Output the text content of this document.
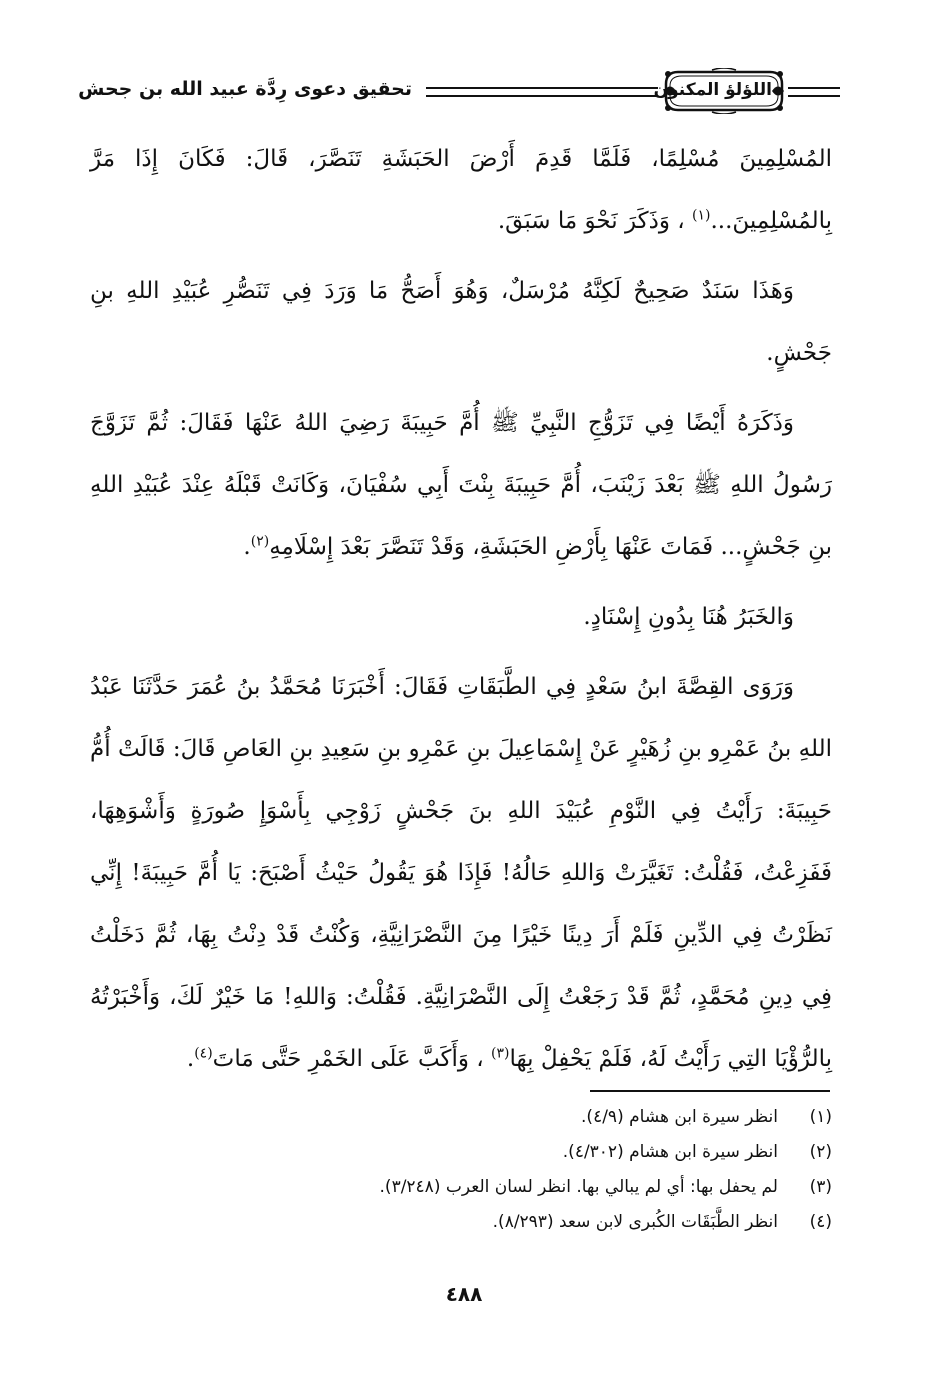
تحقيق دعوى رِدَّة عبيد الله بن جحش	اللؤلؤ المكنون

المُسْلِمِينَ مُسْلِمًا، فَلَمَّا قَدِمَ أَرْضَ الحَبَشَةِ تَنَصَّرَ، قَالَ: فَكَانَ إِذَا مَرَّ بِالمُسْلِمِينَ...$^{(١)}$ ، وَذَكَرَ نَحْوَ مَا سَبَقَ.

وَهَذَا سَنَدٌ صَحِيحٌ لَكِنَّهُ مُرْسَلٌ، وَهُوَ أَصَحُّ مَا وَرَدَ فِي تَنَصُّرِ عُبَيْدِ اللهِ بنِ جَحْشٍ.

وَذَكَرَهُ أَيْضًا فِي تَزَوُّجِ النَّبِيِّ ﷺ أُمَّ حَبِيبَةَ رَضِيَ اللهُ عَنْهَا فَقَالَ: ثُمَّ تَزَوَّجَ رَسُولُ اللهِ ﷺ بَعْدَ زَيْنَبَ، أُمَّ حَبِيبَةَ بِنْتَ أَبِي سُفْيَانَ، وَكَانَتْ قَبْلَهُ عِنْدَ عُبَيْدِ اللهِ بنِ جَحْشٍ... فَمَاتَ عَنْهَا بِأَرْضِ الحَبَشَةِ، وَقَدْ تَنَصَّرَ بَعْدَ إِسْلَامِهِ$^{(٢)}$.

وَالخَبَرُ هُنَا بِدُونِ إِسْنَادٍ.

وَرَوَى القِصَّةَ ابنُ سَعْدٍ فِي الطَّبَقَاتِ فَقَالَ: أَخْبَرَنَا مُحَمَّدُ بنُ عُمَرَ حَدَّثَنَا عَبْدُ اللهِ بنُ عَمْرِو بنِ زُهَيْرٍ عَنْ إِسْمَاعِيلَ بنِ عَمْرِو بنِ سَعِيدِ بنِ العَاصِ قَالَ: قَالَتْ أُمُّ حَبِيبَةَ: رَأَيْتُ فِي النَّوْمِ عُبَيْدَ اللهِ بنَ جَحْشٍ زَوْجِي بِأَسْوَإِ صُورَةٍ وَأَشْوَهِهَا، فَفَزِعْتُ، فَقُلْتُ: تَغَيَّرَتْ وَاللهِ حَالُهُ! فَإِذَا هُوَ يَقُولُ حَيْثُ أَصْبَحَ: يَا أُمَّ حَبِيبَةَ! إِنِّي نَظَرْتُ فِي الدِّينِ فَلَمْ أَرَ دِينًا خَيْرًا مِنَ النَّصْرَانِيَّةِ، وَكُنْتُ قَدْ دِنْتُ بِهَا، ثُمَّ دَخَلْتُ فِي دِينِ مُحَمَّدٍ، ثُمَّ قَدْ رَجَعْتُ إِلَى النَّصْرَانِيَّةِ. فَقُلْتُ: وَاللهِ! مَا خَيْرٌ لَكَ، وَأَخْبَرْتُهُ بِالرُّؤْيَا التِي رَأَيْتُ لَهُ، فَلَمْ يَحْفِلْ بِهَا$^{(٣)}$ ، وَأَكَبَّ عَلَى الخَمْرِ حَتَّى مَاتَ$^{(٤)}$.

(١)انظر سيرة ابن هشام (٤/٩).
(٢)انظر سيرة ابن هشام (٤/٣٠٢).
(٣)لم يحفل بها: أي لم يبالي بها. انظر لسان العرب (٣/٢٤٨).
(٤)انظر الطَّبَقَات الكُبرى لابن سعد (٨/٢٩٣).
٤٨٨
